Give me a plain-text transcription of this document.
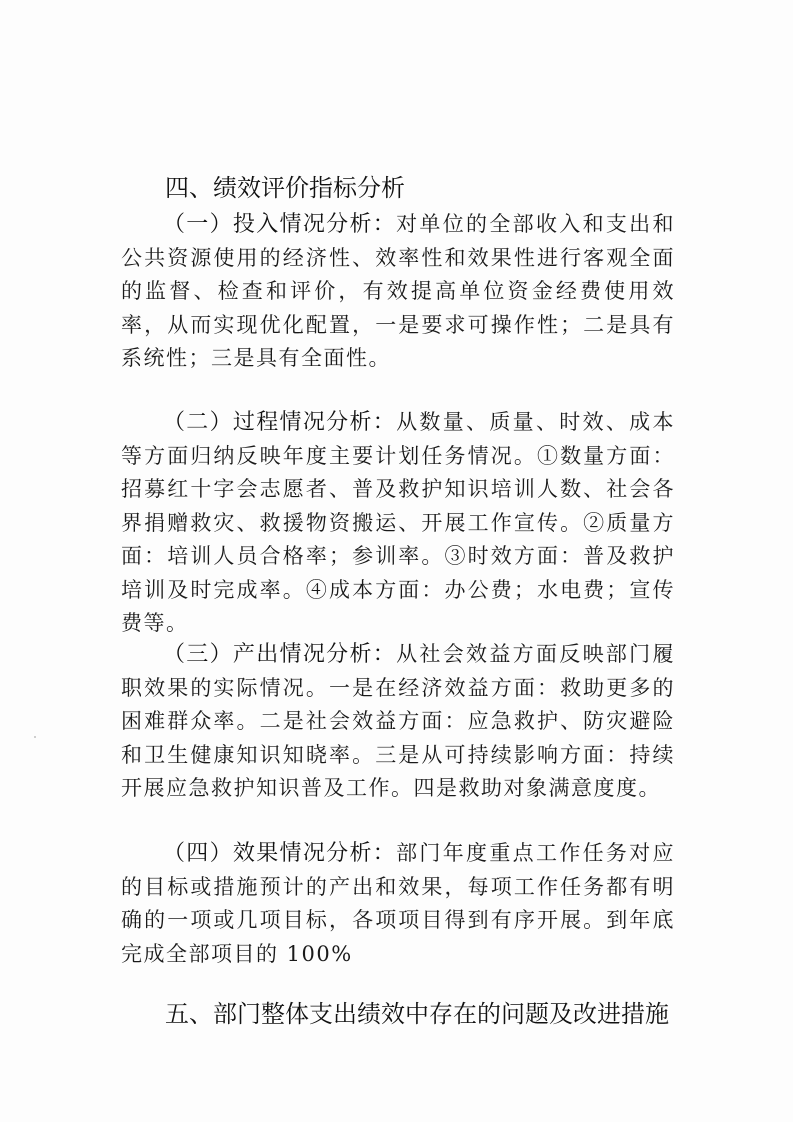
四、绩效评价指标分析

（一）投入情况分析：对单位的全部收入和支出和公共资源使用的经济性、效率性和效果性进行客观全面的监督、检查和评价，有效提高单位资金经费使用效率，从而实现优化配置，一是要求可操作性；二是具有系统性；三是具有全面性。

（二）过程情况分析：从数量、质量、时效、成本等方面归纳反映年度主要计划任务情况。①数量方面：招募红十字会志愿者、普及救护知识培训人数、社会各界捐赠救灾、救援物资搬运、开展工作宣传。②质量方面：培训人员合格率；参训率。③时效方面：普及救护培训及时完成率。④成本方面：办公费；水电费；宣传费等。

（三）产出情况分析：从社会效益方面反映部门履职效果的实际情况。一是在经济效益方面：救助更多的困难群众率。二是社会效益方面：应急救护、防灾避险和卫生健康知识知晓率。三是从可持续影响方面：持续开展应急救护知识普及工作。四是救助对象满意度度。

（四）效果情况分析：部门年度重点工作任务对应的目标或措施预计的产出和效果，每项工作任务都有明确的一项或几项目标，各项项目得到有序开展。到年底完成全部项目的 100%

五、部门整体支出绩效中存在的问题及改进措施
